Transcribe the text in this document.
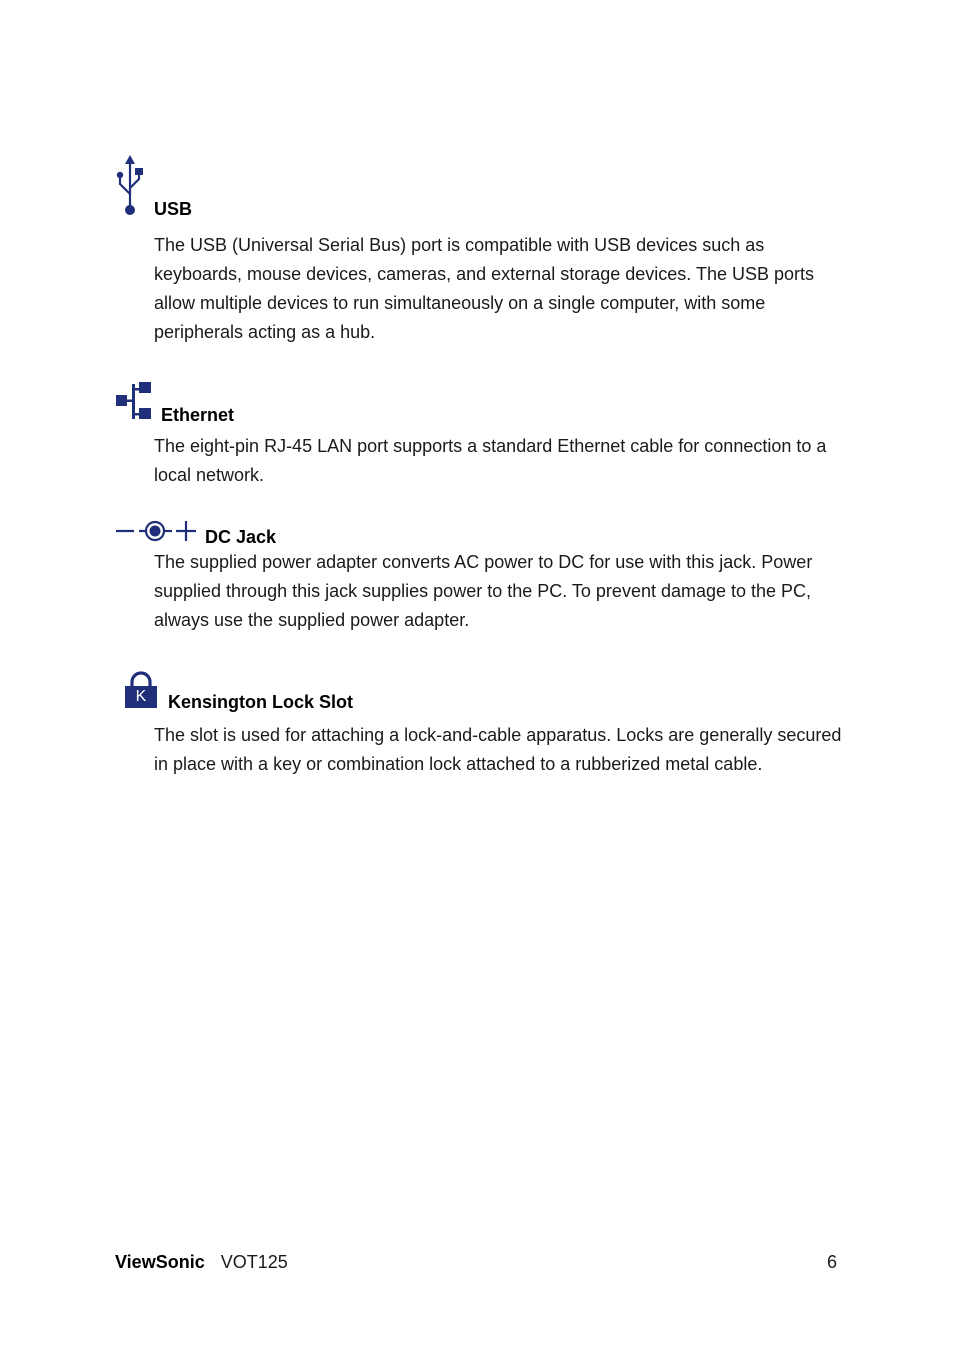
USB
The USB (Universal Serial Bus) port is compatible with USB devices such as keyboards, mouse devices, cameras, and external storage devices. The USB ports allow multiple devices to run simultaneously on a single computer, with some peripherals acting as a hub.
Ethernet
The eight-pin RJ-45 LAN port supports a standard Ethernet cable for connection to a local network.
DC Jack
The supplied power adapter converts AC power to DC for use with this jack. Power supplied through this jack supplies power to the PC. To prevent damage to the PC, always use the supplied power adapter.
K	Kensington Lock Slot
The slot is used for attaching a lock-and-cable apparatus. Locks are generally secured in place with a key or combination lock attached to a rubberized metal cable.
ViewSonic VOT125	6
